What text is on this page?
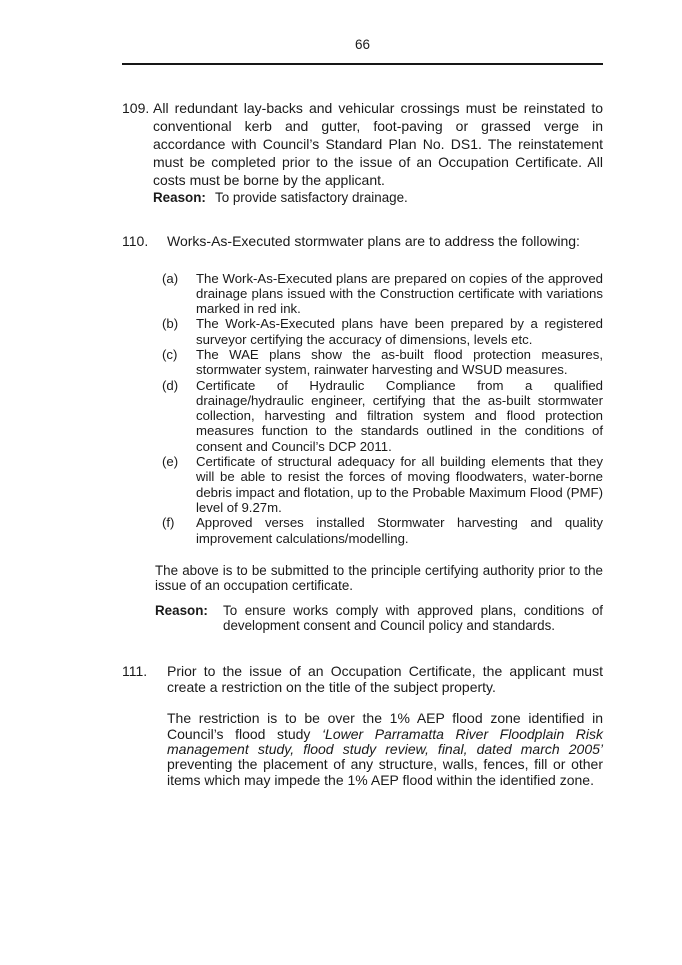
66
109. All redundant lay-backs and vehicular crossings must be reinstated to conventional kerb and gutter, foot-paving or grassed verge in accordance with Council’s Standard Plan No. DS1. The reinstatement must be completed prior to the issue of an Occupation Certificate. All costs must be borne by the applicant.
Reason: To provide satisfactory drainage.
110. Works-As-Executed stormwater plans are to address the following:
(a) The Work-As-Executed plans are prepared on copies of the approved drainage plans issued with the Construction certificate with variations marked in red ink.
(b) The Work-As-Executed plans have been prepared by a registered surveyor certifying the accuracy of dimensions, levels etc.
(c) The WAE plans show the as-built flood protection measures, stormwater system, rainwater harvesting and WSUD measures.
(d) Certificate of Hydraulic Compliance from a qualified drainage/hydraulic engineer, certifying that the as-built stormwater collection, harvesting and filtration system and flood protection measures function to the standards outlined in the conditions of consent and Council’s DCP 2011.
(e) Certificate of structural adequacy for all building elements that they will be able to resist the forces of moving floodwaters, water-borne debris impact and flotation, up to the Probable Maximum Flood (PMF) level of 9.27m.
(f) Approved verses installed Stormwater harvesting and quality improvement calculations/modelling.
The above is to be submitted to the principle certifying authority prior to the issue of an occupation certificate.
Reason: To ensure works comply with approved plans, conditions of development consent and Council policy and standards.
111. Prior to the issue of an Occupation Certificate, the applicant must create a restriction on the title of the subject property.
The restriction is to be over the 1% AEP flood zone identified in Council’s flood study ‘Lower Parramatta River Floodplain Risk management study, flood study review, final, dated march 2005’ preventing the placement of any structure, walls, fences, fill or other items which may impede the 1% AEP flood within the identified zone.
